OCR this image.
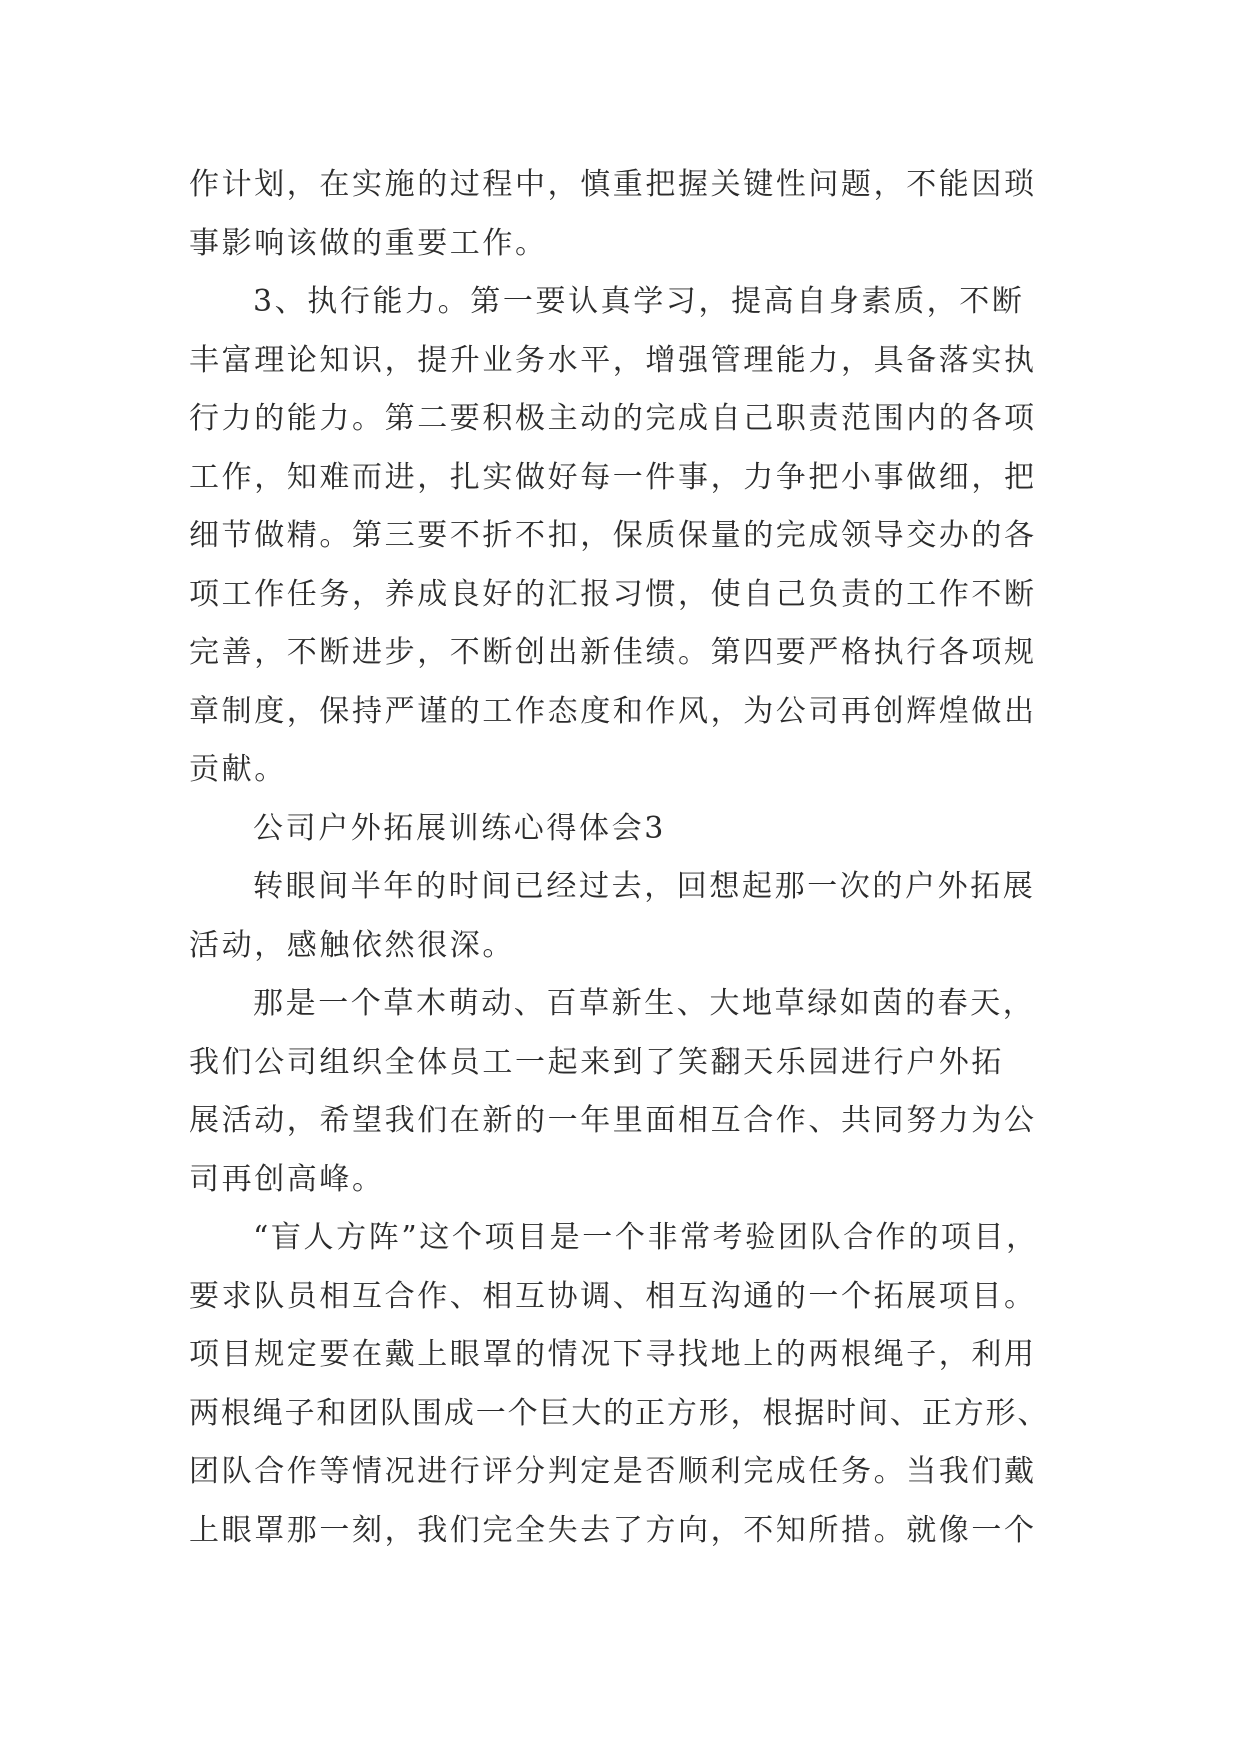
作计划，在实施的过程中，慎重把握关键性问题，不能因琐
事影响该做的重要工作。
3、执行能力。第一要认真学习，提高自身素质，不断
丰富理论知识，提升业务水平，增强管理能力，具备落实执
行力的能力。第二要积极主动的完成自己职责范围内的各项
工作，知难而进，扎实做好每一件事，力争把小事做细，把
细节做精。第三要不折不扣，保质保量的完成领导交办的各
项工作任务，养成良好的汇报习惯，使自己负责的工作不断
完善，不断进步，不断创出新佳绩。第四要严格执行各项规
章制度，保持严谨的工作态度和作风，为公司再创辉煌做出
贡献。
公司户外拓展训练心得体会3
转眼间半年的时间已经过去，回想起那一次的户外拓展
活动，感触依然很深。
那是一个草木萌动、百草新生、大地草绿如茵的春天，
我们公司组织全体员工一起来到了笑翻天乐园进行户外拓
展活动，希望我们在新的一年里面相互合作、共同努力为公
司再创高峰。
“盲人方阵”这个项目是一个非常考验团队合作的项目，
要求队员相互合作、相互协调、相互沟通的一个拓展项目。
项目规定要在戴上眼罩的情况下寻找地上的两根绳子，利用
两根绳子和团队围成一个巨大的正方形，根据时间、正方形、
团队合作等情况进行评分判定是否顺利完成任务。当我们戴
上眼罩那一刻，我们完全失去了方向，不知所措。就像一个
